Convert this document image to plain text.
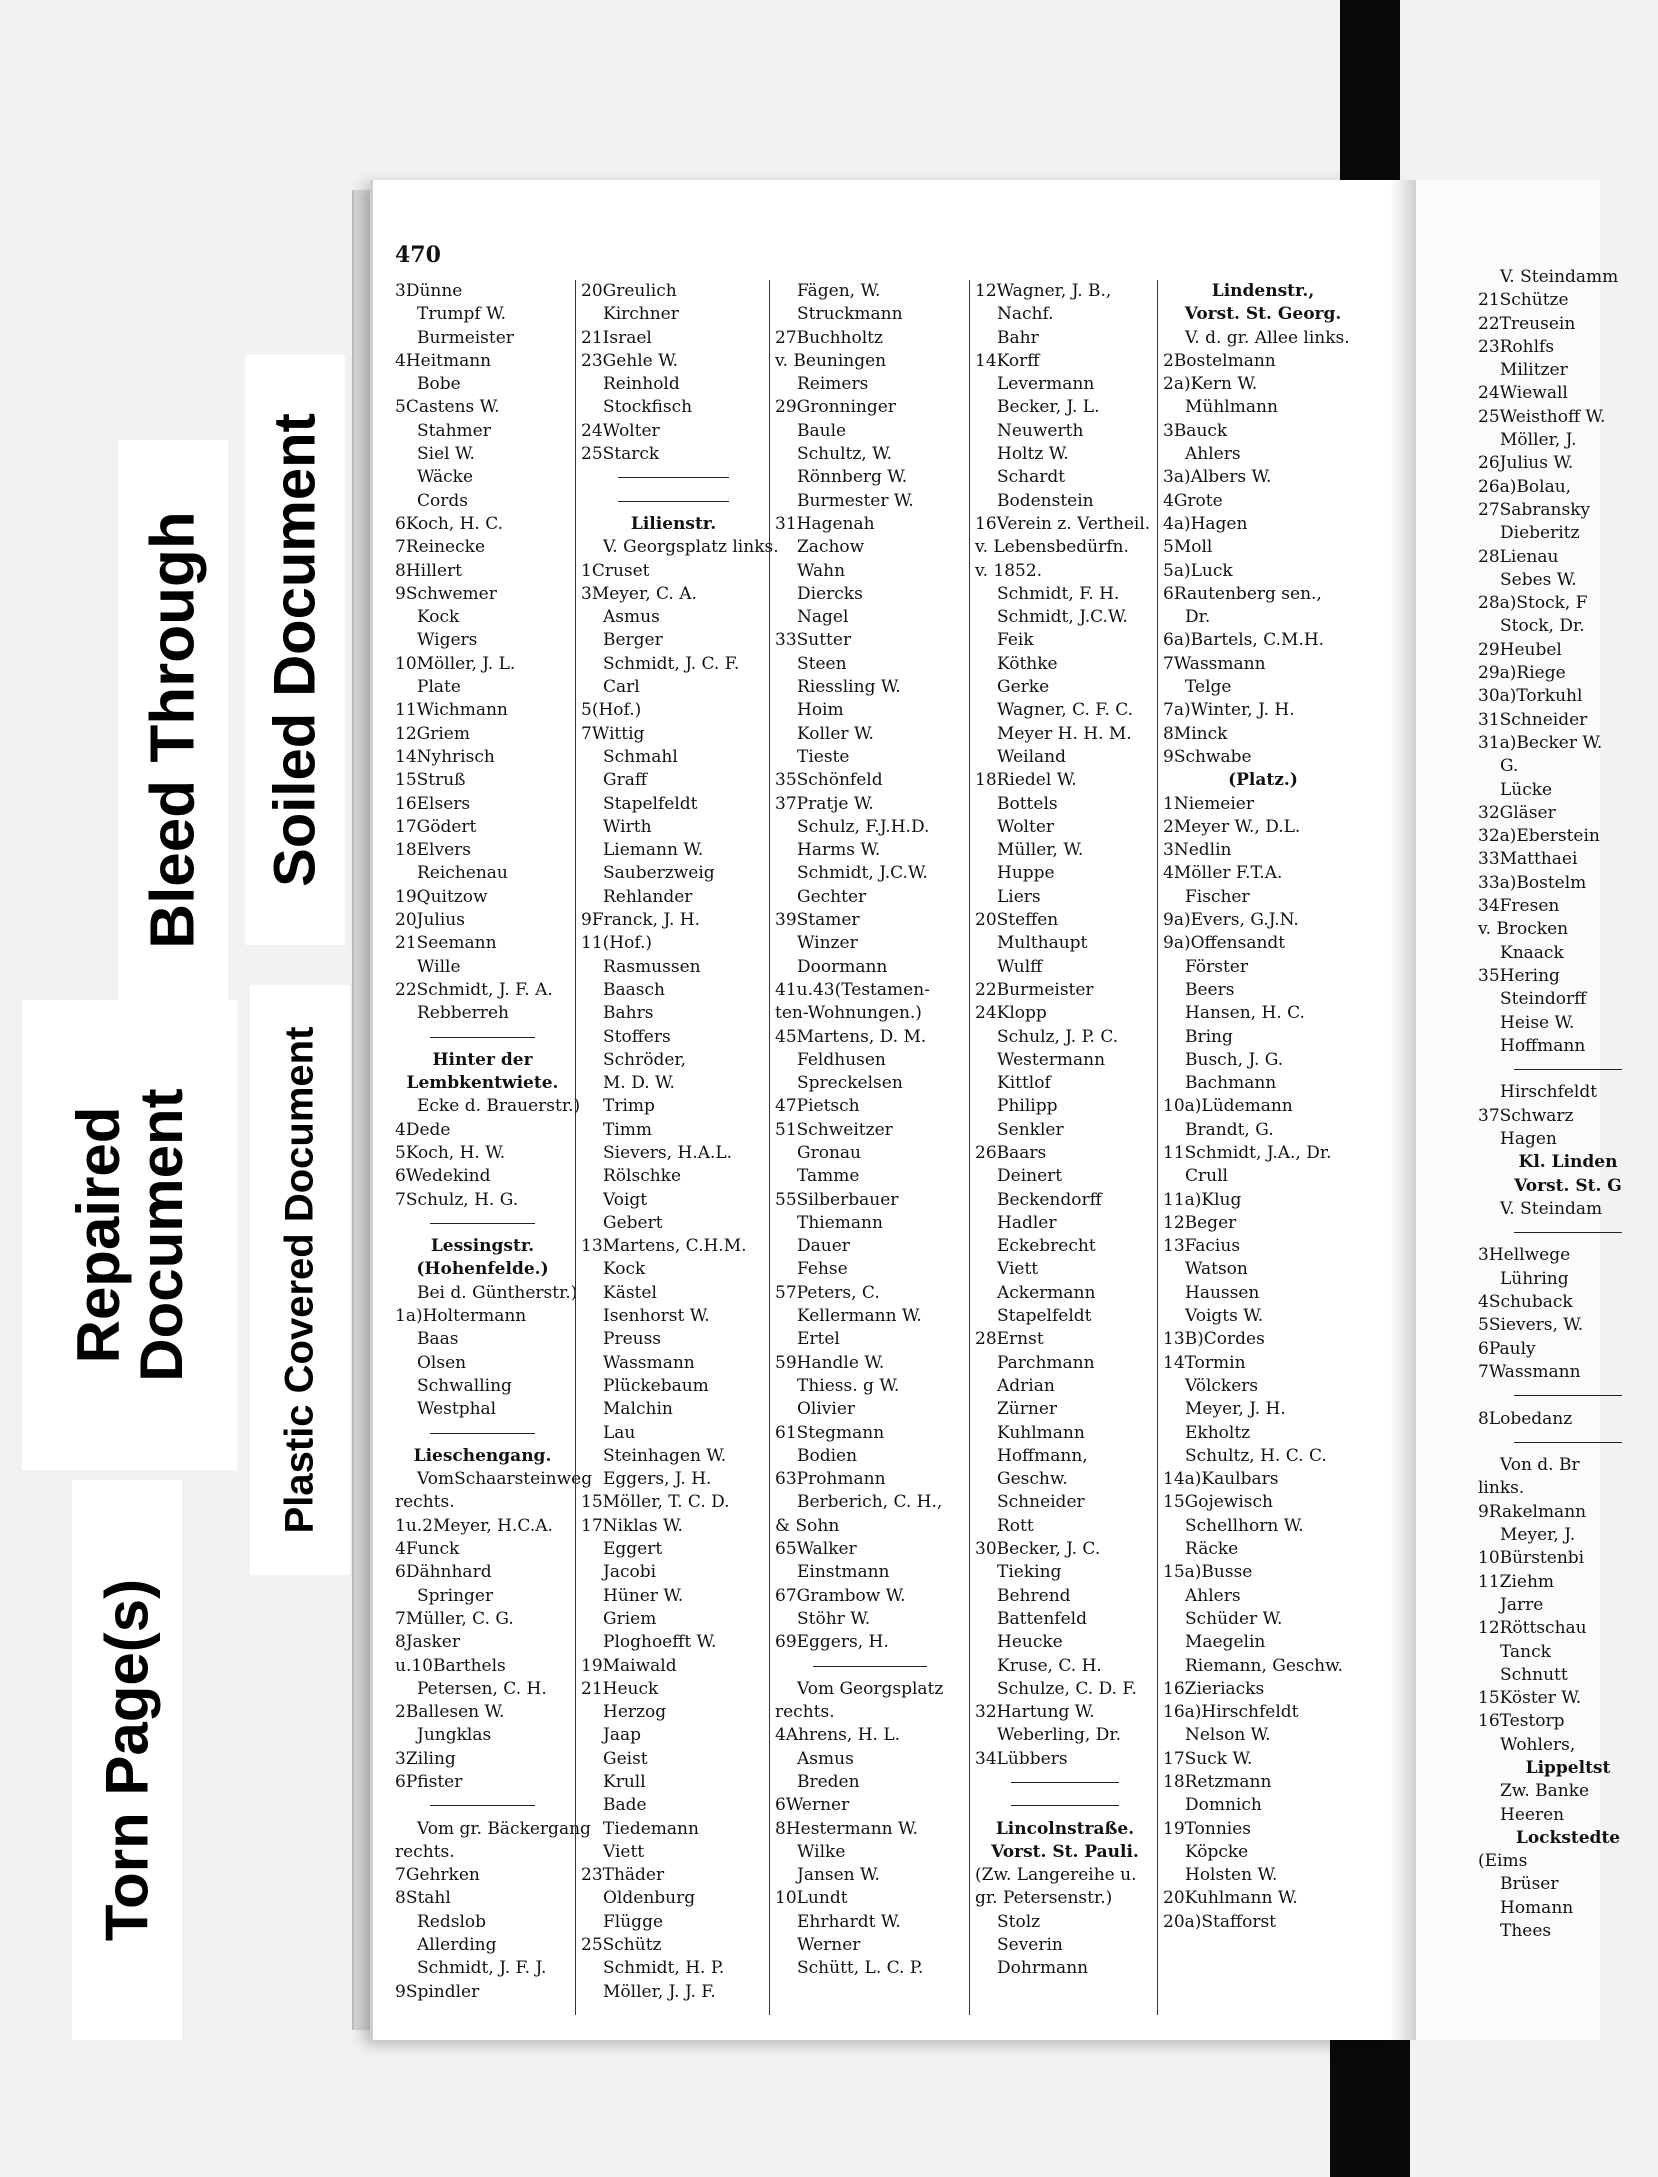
Torn Page(s)
Repaired Document Plastic Covered Document
Bleed Through Soiled Document
470
3Dünne
Trumpf W.
Burmeister
4Heitmann
Bobe
5Castens W.
Stahmer
Siel W.
Wäcke
Cords
6Koch, H. C.
7Reinecke
8Hillert
9Schwemer
Kock
Wigers
10Möller, J. L.
Plate
11Wichmann
12Griem
14Nyhrisch
15Struß
16Elsers
17Gödert
18Elvers
Reichenau
19Quitzow
20Julius
21Seemann
Wille
22Schmidt, J. F. A.
Rebberreh
Hinter der
Lembkentwiete.
Ecke d. Brauerstr.)
4Dede
5Koch, H. W.
6Wedekind
7Schulz, H. G.
Lessingstr.
(Hohenfelde.)
Bei d. Güntherstr.)
1a)Holtermann
Baas
Olsen
Schwalling
Westphal
Lieschengang.
VomSchaarsteinweg
rechts.
1u.2Meyer, H.C.A.
4Funck
6Dähnhard
Springer
7Müller, C. G.
8Jasker
u.10Barthels
Petersen, C. H.
2Ballesen W.
Jungklas
3Ziling
6Pfister
Vom gr. Bäckergang
rechts.
7Gehrken
8Stahl
Redslob
Allerding
Schmidt, J. F. J.
9Spindler
20Greulich
Kirchner
21Israel
23Gehle W.
Reinhold
Stockfisch
24Wolter
25Starck
Lilienstr.
V. Georgsplatz links.
1Cruset
3Meyer, C. A.
Asmus
Berger
Schmidt, J. C. F.
Carl
5(Hof.)
7Wittig
Schmahl
Graff
Stapelfeldt
Wirth
Liemann W.
Sauberzweig
Rehlander
9Franck, J. H.
11(Hof.)
Rasmussen
Baasch
Bahrs
Stoffers
Schröder,
M. D. W.
Trimp
Timm
Sievers, H.A.L.
Rölschke
Voigt
Gebert
13Martens, C.H.M.
Kock
Kästel
Isenhorst W.
Preuss
Wassmann
Plückebaum
Malchin
Lau
Steinhagen W.
Eggers, J. H.
15Möller, T. C. D.
17Niklas W.
Eggert
Jacobi
Hüner W.
Griem
Ploghoefft W.
19Maiwald
21Heuck
Herzog
Jaap
Geist
Krull
Bade
Tiedemann
Viett
23Thäder
Oldenburg
Flügge
25Schütz
Schmidt, H. P.
Möller, J. J. F.
Fägen, W.
Struckmann
27Buchholtz
v. Beuningen
Reimers
29Gronninger
Baule
Schultz, W.
Rönnberg W.
Burmester W.
31Hagenah
Zachow
Wahn
Diercks
Nagel
33Sutter
Steen
Riessling W.
Hoim
Koller W.
Tieste
35Schönfeld
37Pratje W.
Schulz, F.J.H.D.
Harms W.
Schmidt, J.C.W.
Gechter
39Stamer
Winzer
Doormann
41u.43(Testamen-
ten-Wohnungen.)
45Martens, D. M.
Feldhusen
Spreckelsen
47Pietsch
51Schweitzer
Gronau
Tamme
55Silberbauer
Thiemann
Dauer
Fehse
57Peters, C.
Kellermann W.
Ertel
59Handle W.
Thiess. g W.
Olivier
61Stegmann
Bodien
63Prohmann
Berberich, C. H.,
& Sohn
65Walker
Einstmann
67Grambow W.
Stöhr W.
69Eggers, H.
Vom Georgsplatz
rechts.
4Ahrens, H. L.
Asmus
Breden
6Werner
8Hestermann W.
Wilke
Jansen W.
10Lundt
Ehrhardt W.
Werner
Schütt, L. C. P.
12Wagner, J. B.,
Nachf.
Bahr
14Korff
Levermann
Becker, J. L.
Neuwerth
Holtz W.
Schardt
Bodenstein
16Verein z. Vertheil.
v. Lebensbedürfn.
v. 1852.
Schmidt, F. H.
Schmidt, J.C.W.
Feik
Köthke
Gerke
Wagner, C. F. C.
Meyer H. H. M.
Weiland
18Riedel W.
Bottels
Wolter
Müller, W.
Huppe
Liers
20Steffen
Multhaupt
Wulff
22Burmeister
24Klopp
Schulz, J. P. C.
Westermann
Kittlof
Philipp
Senkler
26Baars
Deinert
Beckendorff
Hadler
Eckebrecht
Viett
Ackermann
Stapelfeldt
28Ernst
Parchmann
Adrian
Zürner
Kuhlmann
Hoffmann,
Geschw.
Schneider
Rott
30Becker, J. C.
Tieking
Behrend
Battenfeld
Heucke
Kruse, C. H.
Schulze, C. D. F.
32Hartung W.
Weberling, Dr.
34Lübbers
Lincolnstraße.
Vorst. St. Pauli.
(Zw. Langereihe u.
gr. Petersenstr.)
Stolz
Severin
Dohrmann
Lindenstr.,
Vorst. St. Georg.
V. d. gr. Allee links.
2Bostelmann
2a)Kern W.
Mühlmann
3Bauck
Ahlers
3a)Albers W.
4Grote
4a)Hagen
5Moll
5a)Luck
6Rautenberg sen.,
Dr.
6a)Bartels, C.M.H.
7Wassmann
Telge
7a)Winter, J. H.
8Minck
9Schwabe
(Platz.)
1Niemeier
2Meyer W., D.L.
3Nedlin
4Möller F.T.A.
Fischer
9a)Evers, G.J.N.
9a)Offensandt
Förster
Beers
Hansen, H. C.
Bring
Busch, J. G.
Bachmann
10a)Lüdemann
Brandt, G.
11Schmidt, J.A., Dr.
Crull
11a)Klug
12Beger
13Facius
Watson
Haussen
Voigts W.
13B)Cordes
14Tormin
Völckers
Meyer, J. H.
Ekholtz
Schultz, H. C. C.
14a)Kaulbars
15Gojewisch
Schellhorn W.
Räcke
15a)Busse
Ahlers
Schüder W.
Maegelin
Riemann, Geschw.
16Zieriacks
16a)Hirschfeldt
Nelson W.
17Suck W.
18Retzmann
Domnich
19Tonnies
Köpcke
Holsten W.
20Kuhlmann W.
20a)Stafforst
V. Steindamm
21Schütze
22Treusein
23Rohlfs
Militzer
24Wiewall
25Weisthoff W.
Möller, J.
26Julius W.
26a)Bolau,
27Sabransky
Dieberitz
28Lienau
Sebes W.
28a)Stock, F
Stock, Dr.
29Heubel
29a)Riege
30a)Torkuhl
31Schneider
31a)Becker W.
G.
Lücke
32Gläser
32a)Eberstein
33Matthaei
33a)Bostelm
34Fresen
v. Brocken
Knaack
35Hering
Steindorff
Heise W.
Hoffmann
Hirschfeldt
37Schwarz
Hagen
Kl. Linden
Vorst. St. G
V. Steindam
3Hellwege
Lühring
4Schuback
5Sievers, W.
6Pauly
7Wassmann
8Lobedanz
Von d. Br
links.
9Rakelmann
Meyer, J.
10Bürstenbi
11Ziehm
Jarre
12Röttschau
Tanck
Schnutt
15Köster W.
16Testorp
Wohlers,
Lippeltst
Zw. Banke
Heeren
Lockstedte
(Eims
Brüser
Homann
Thees
